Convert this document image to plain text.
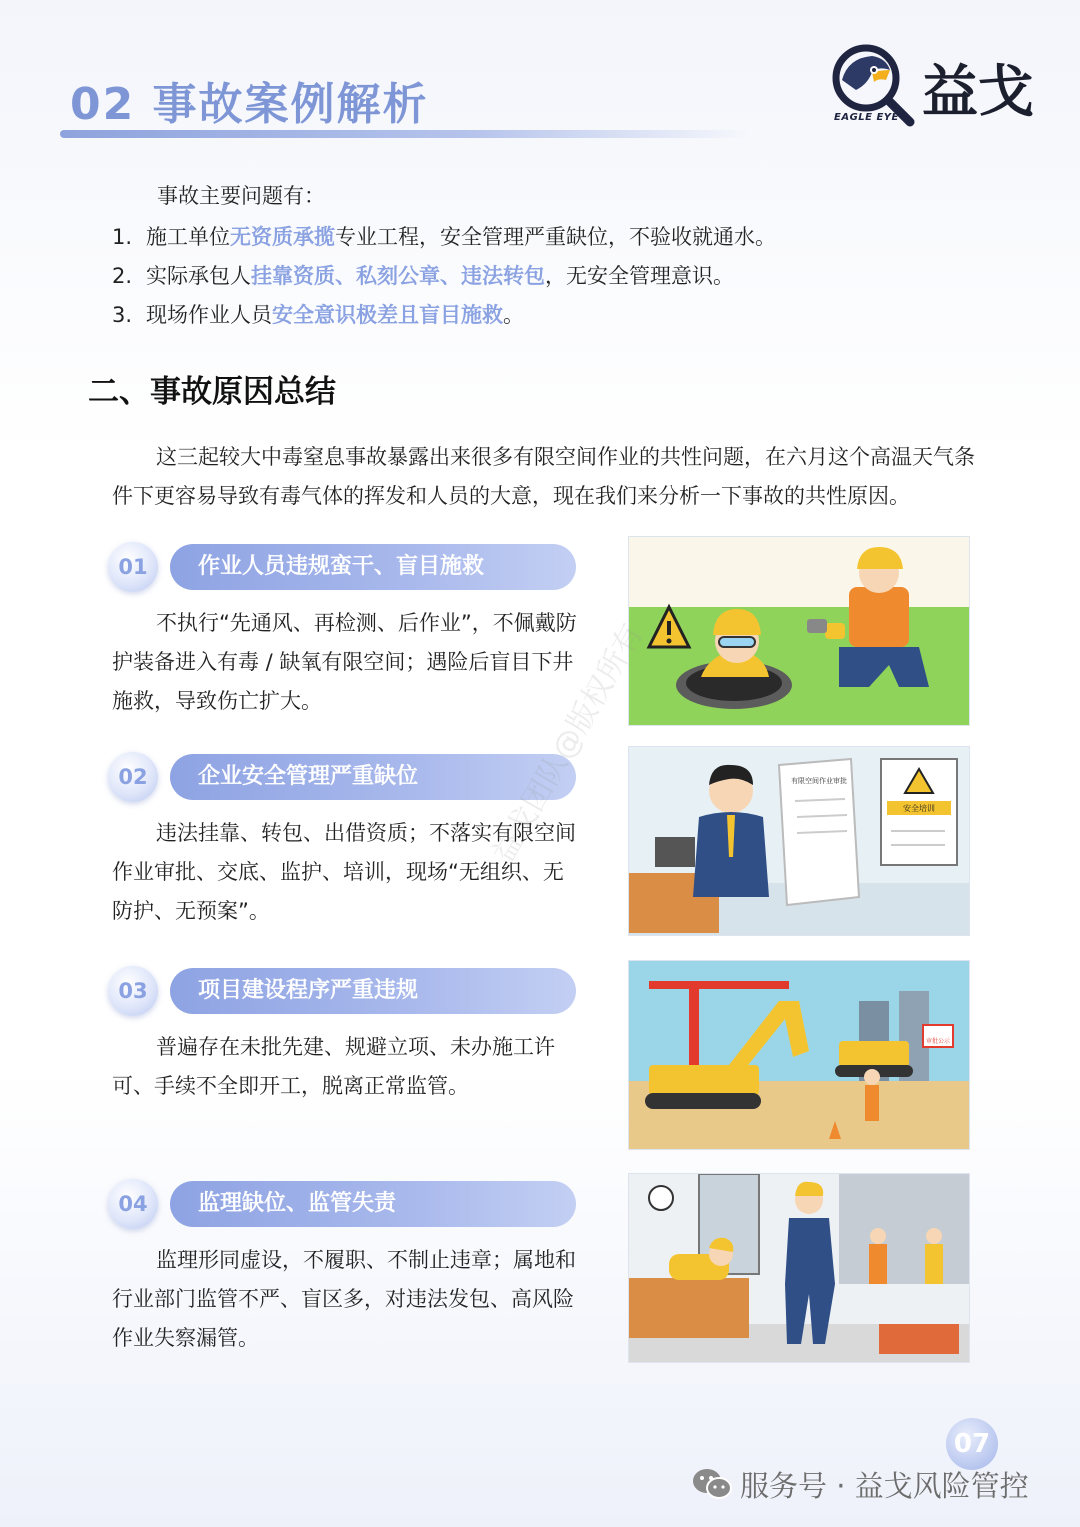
02 事故案例解析	EAGLE EYE 益戈
事故主要问题有：
1. 施工单位无资质承揽专业工程，安全管理严重缺位，不验收就通水。
2. 实际承包人挂靠资质、私刻公章、违法转包，无安全管理意识。
3. 现场作业人员安全意识极差且盲目施救。
二、事故原因总结

这三起较大中毒窒息事故暴露出来很多有限空间作业的共性问题，在六月这个高温天气条件下更容易导致有毒气体的挥发和人员的大意，现在我们来分析一下事故的共性原因。

01	作业人员违规蛮干、盲目施救

不执行“先通风、再检测、后作业”，不佩戴防护装备进入有毒 / 缺氧有限空间；遇险后盲目下井施救，导致伤亡扩大。

02	企业安全管理严重缺位

违法挂靠、转包、出借资质；不落实有限空间作业审批、交底、监护、培训，现场“无组织、无防护、无预案”。

有限空间作业审批
安全培训
03	项目建设程序严重违规

普遍存在未批先建、规避立项、未办施工许可、手续不全即开工，脱离正常监管。

审批公示
04	监理缺位、监管失责

监理形同虚设，不履职、不制止违章；属地和行业部门监管不严、盲区多，对违法发包、高风险作业失察漏管。

益戈团队@版权所有
07
服务号 · 益戈风险管控
